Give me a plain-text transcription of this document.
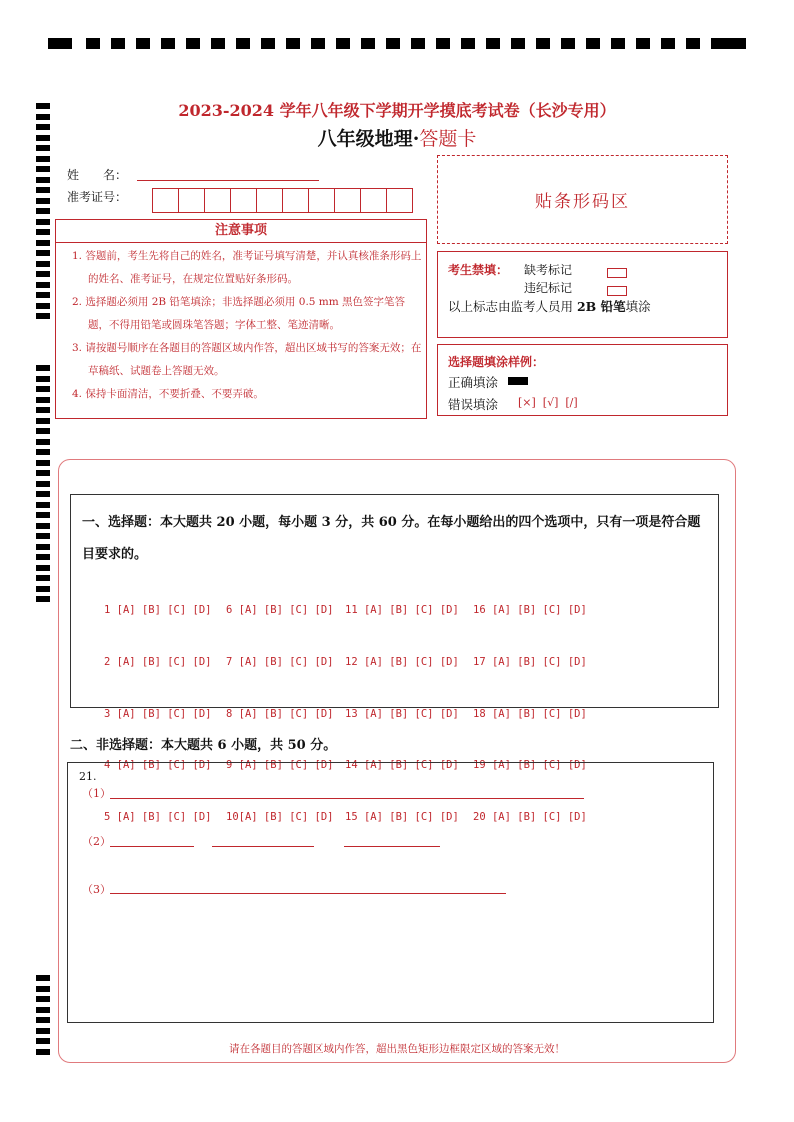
2023-2024 学年八年级下学期开学摸底考试卷（长沙专用）
八年级地理·答题卡
姓　　名：
准考证号：	贴条形码区
注意事项
1. 答题前，考生先将自己的姓名，准考证号填写清楚，并认真核准条形码上的姓名、准考证号，在规定位置贴好条形码。
2. 选择题必须用 2B 铅笔填涂；非选择题必须用 0.5 mm 黑色签字笔答题，不得用铅笔或圆珠笔答题；字体工整、笔迹清晰。
3. 请按题号顺序在各题目的答题区域内作答，超出区域书写的答案无效；在草稿纸、试题卷上答题无效。
4. 保持卡面清洁，不要折叠、不要弄破。
考生禁填： 缺考标记
违纪标记
以上标志由监考人员用 2B 铅笔填涂
选择题填涂样例：
正确填涂
错误填涂 [×]  [√]  [/]
一、选择题：本大题共 20 小题，每小题 3 分，共 60 分。在每小题给出的四个选项中，只有一项是符合题目要求的。

1 [A] [B] [C] [D]

2 [A] [B] [C] [D]

3 [A] [B] [C] [D]

4 [A] [B] [C] [D]

5 [A] [B] [C] [D]

6 [A] [B] [C] [D]

7 [A] [B] [C] [D]

8 [A] [B] [C] [D]

9 [A] [B] [C] [D]

10[A] [B] [C] [D]

11 [A] [B] [C] [D]

12 [A] [B] [C] [D]

13 [A] [B] [C] [D]

14 [A] [B] [C] [D]

15 [A] [B] [C] [D]

16 [A] [B] [C] [D]

17 [A] [B] [C] [D]

18 [A] [B] [C] [D]

19 [A] [B] [C] [D]

20 [A] [B] [C] [D]

二、非选择题：本大题共 6 小题，共 50 分。
21.
（1）
（2）
（3）
请在各题目的答题区域内作答，超出黑色矩形边框限定区域的答案无效！
